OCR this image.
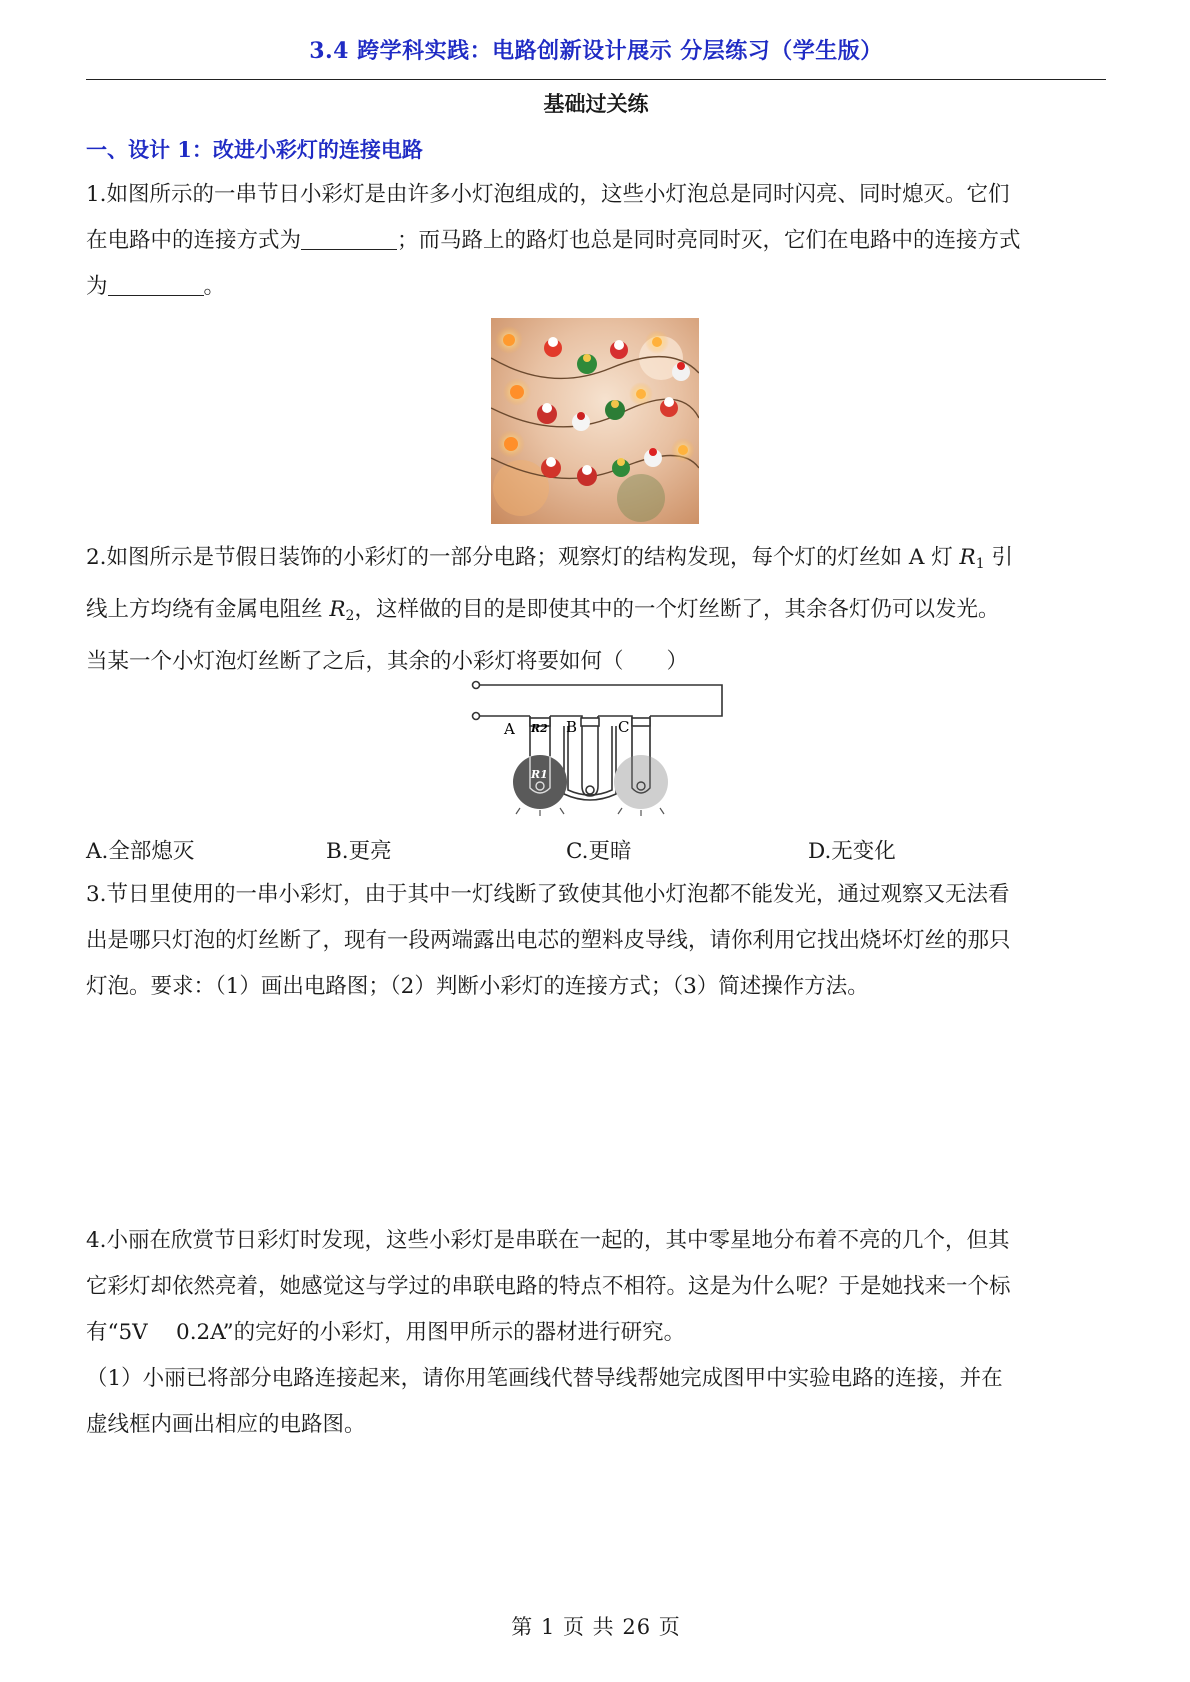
3.4 跨学科实践：电路创新设计展示 分层练习（学生版）
基础过关练
一、设计 1：改进小彩灯的连接电路
1.如图所示的一串节日小彩灯是由许多小灯泡组成的，这些小灯泡总是同时闪亮、同时熄灭。它们
在电路中的连接方式为	；而马路上的路灯也总是同时亮同时灭，它们在电路中的连接方式
为	。
2.如图所示是节假日装饰的小彩灯的一部分电路；观察灯的结构发现，每个灯的灯丝如 A 灯 $R_1$ 引
线上方均绕有金属电阻丝 $R_2$，这样做的目的是即使其中的一个灯丝断了，其余各灯仍可以发光。
当某一个小灯泡灯丝断了之后，其余的小彩灯将要如何（　　）
A	B	C
R2
R1
A.全部熄灭	B.更亮	C.更暗	D.无变化
3.节日里使用的一串小彩灯，由于其中一灯线断了致使其他小灯泡都不能发光，通过观察又无法看
出是哪只灯泡的灯丝断了，现有一段两端露出电芯的塑料皮导线，请你利用它找出烧坏灯丝的那只
灯泡。要求：（1）画出电路图；（2）判断小彩灯的连接方式；（3）简述操作方法。
4.小丽在欣赏节日彩灯时发现，这些小彩灯是串联在一起的，其中零星地分布着不亮的几个，但其
它彩灯却依然亮着，她感觉这与学过的串联电路的特点不相符。这是为什么呢？于是她找来一个标
有“5V　 0.2A”的完好的小彩灯，用图甲所示的器材进行研究。
（1）小丽已将部分电路连接起来，请你用笔画线代替导线帮她完成图甲中实验电路的连接，并在
虚线框内画出相应的电路图。
第 1 页 共 26 页
